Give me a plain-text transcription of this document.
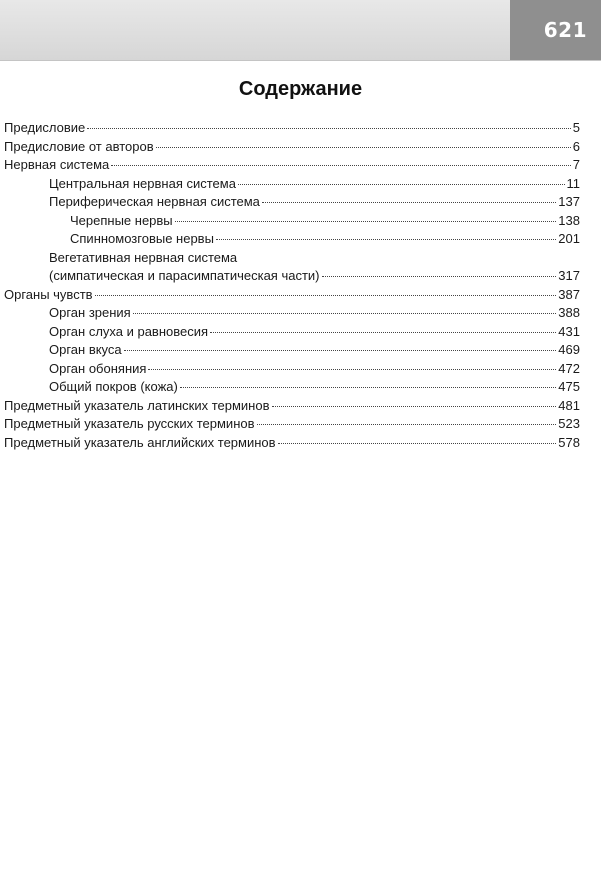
621
Содержание
Предисловие	5
Предисловие от авторов	6
Нервная система	7
Центральная нервная система	11
Периферическая нервная система	137
Черепные нервы	138
Спинномозговые нервы	201
Вегетативная нервная система
(симпатическая и парасимпатическая части)	317
Органы чувств	387
Орган зрения	388
Орган слуха и равновесия	431
Орган вкуса	469
Орган обоняния	472
Общий покров (кожа)	475
Предметный указатель латинских терминов	481
Предметный указатель русских терминов	523
Предметный указатель английских терминов	578
